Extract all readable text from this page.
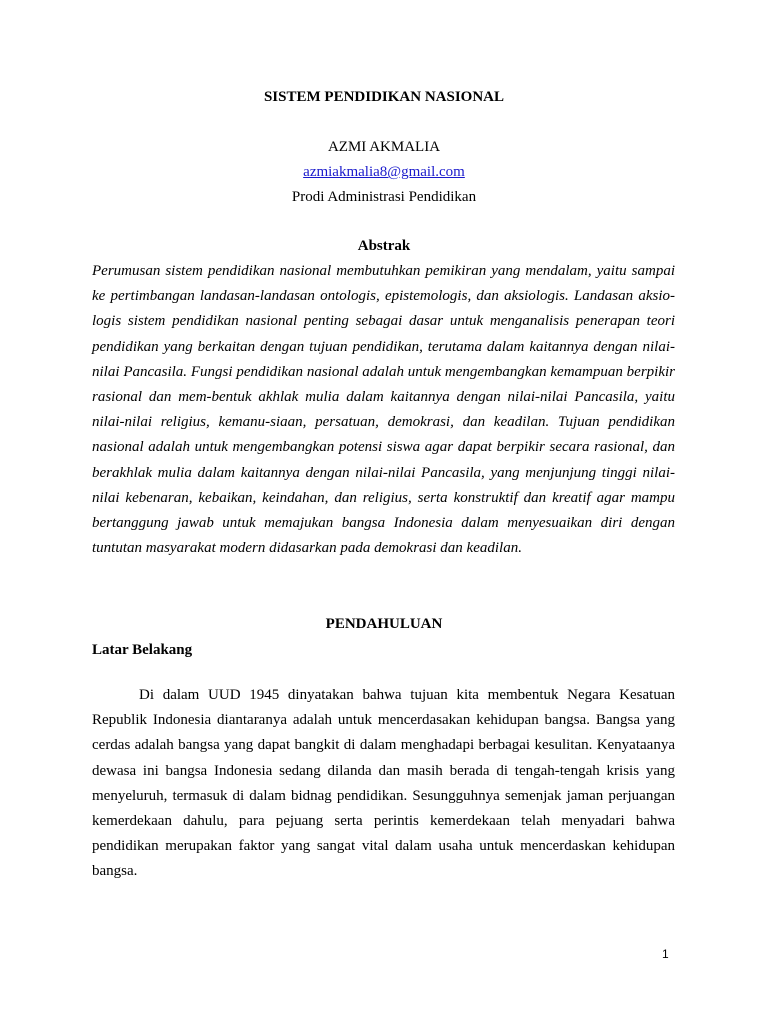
SISTEM PENDIDIKAN NASIONAL
AZMI AKMALIA
azmiakmalia8@gmail.com
Prodi Administrasi Pendidikan
Abstrak

Perumusan sistem pendidikan nasional membutuhkan pemikiran yang mendalam, yaitu sampai ke pertimbangan landasan-landasan ontologis, epistemologis, dan aksiologis. Landasan aksio-logis sistem pendidikan nasional penting sebagai dasar untuk menganalisis penerapan teori pendidikan yang berkaitan dengan tujuan pendidikan, terutama dalam kaitannya dengan nilai-nilai Pancasila. Fungsi pendidikan nasional adalah untuk mengembangkan kemampuan berpikir rasional dan mem-bentuk akhlak mulia dalam kaitannya dengan nilai-nilai Pancasila, yaitu nilai-nilai religius, kemanu-siaan, persatuan, demokrasi, dan keadilan. Tujuan pendidikan nasional adalah untuk mengembangkan potensi siswa agar dapat berpikir secara rasional, dan berakhlak mulia dalam kaitannya dengan nilai-nilai Pancasila, yang menjunjung tinggi nilai-nilai kebenaran, kebaikan, keindahan, dan religius, serta konstruktif dan kreatif agar mampu bertanggung jawab untuk memajukan bangsa Indonesia dalam menyesuaikan diri dengan tuntutan masyarakat modern didasarkan pada demokrasi dan keadilan.

PENDAHULUAN
Latar Belakang

Di dalam UUD 1945 dinyatakan bahwa tujuan kita membentuk Negara Kesatuan Republik Indonesia diantaranya adalah untuk mencerdasakan kehidupan bangsa. Bangsa yang cerdas adalah bangsa yang dapat bangkit di dalam menghadapi berbagai kesulitan. Kenyataanya dewasa ini bangsa Indonesia sedang dilanda dan masih berada di tengah-tengah krisis yang menyeluruh, termasuk di dalam bidnag pendidikan. Sesungguhnya semenjak jaman perjuangan kemerdekaan dahulu, para pejuang serta perintis kemerdekaan telah menyadari bahwa pendidikan merupakan faktor yang sangat vital dalam usaha untuk mencerdaskan kehidupan bangsa.

1
